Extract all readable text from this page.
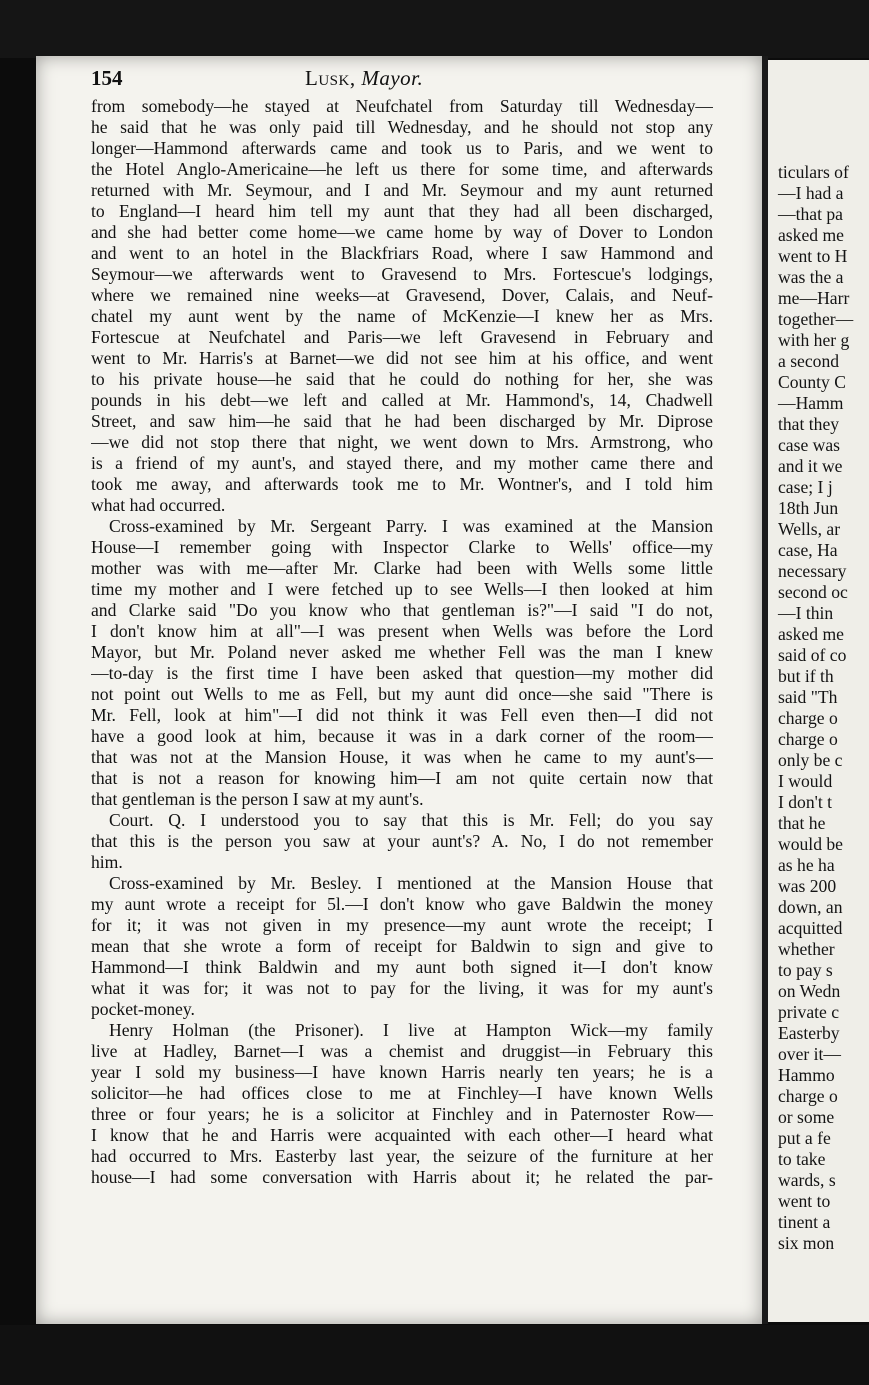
ticulars of
—I had a
—that pa
asked me
went to H
was the a
me—Harr
together—
with her g
a second
County C
—Hamm
that they
case was
and it we
case; I j
18th Jun
Wells, ar
case, Ha
necessary
second oc
—I thin
asked me
said of co
but if th
said "Th
charge o
charge o
only be c
I would
I don't t
that he
would be
as he ha
was 200
down, an
acquitted
whether
to pay s
on Wedn
private c
Easterby
over it—
Hammo
charge o
or some
put a fe
to take
wards, s
went to
tinent a
six mon
154	Lusk, Mayor.
from somebody—he stayed at Neufchatel from Saturday till Wednesday—
he said that he was only paid till Wednesday, and he should not stop any
longer—Hammond afterwards came and took us to Paris, and we went to
the Hotel Anglo-Americaine—he left us there for some time, and afterwards
returned with Mr. Seymour, and I and Mr. Seymour and my aunt returned
to England—I heard him tell my aunt that they had all been discharged,
and she had better come home—we came home by way of Dover to London
and went to an hotel in the Blackfriars Road, where I saw Hammond and
Seymour—we afterwards went to Gravesend to Mrs. Fortescue's lodgings,
where we remained nine weeks—at Gravesend, Dover, Calais, and Neuf-
chatel my aunt went by the name of McKenzie—I knew her as Mrs.
Fortescue at Neufchatel and Paris—we left Gravesend in February and
went to Mr. Harris's at Barnet—we did not see him at his office, and went
to his private house—he said that he could do nothing for her, she was
pounds in his debt—we left and called at Mr. Hammond's, 14, Chadwell
Street, and saw him—he said that he had been discharged by Mr. Diprose
—we did not stop there that night, we went down to Mrs. Armstrong, who
is a friend of my aunt's, and stayed there, and my mother came there and
took me away, and afterwards took me to Mr. Wontner's, and I told him
what had occurred.
Cross-examined by Mr. Sergeant Parry. I was examined at the Mansion
House—I remember going with Inspector Clarke to Wells' office—my
mother was with me—after Mr. Clarke had been with Wells some little
time my mother and I were fetched up to see Wells—I then looked at him
and Clarke said "Do you know who that gentleman is?"—I said "I do not,
I don't know him at all"—I was present when Wells was before the Lord
Mayor, but Mr. Poland never asked me whether Fell was the man I knew
—to-day is the first time I have been asked that question—my mother did
not point out Wells to me as Fell, but my aunt did once—she said "There is
Mr. Fell, look at him"—I did not think it was Fell even then—I did not
have a good look at him, because it was in a dark corner of the room—
that was not at the Mansion House, it was when he came to my aunt's—
that is not a reason for knowing him—I am not quite certain now that
that gentleman is the person I saw at my aunt's.
Court. Q. I understood you to say that this is Mr. Fell; do you say
that this is the person you saw at your aunt's? A. No, I do not remember
him.
Cross-examined by Mr. Besley. I mentioned at the Mansion House that
my aunt wrote a receipt for 5l.—I don't know who gave Baldwin the money
for it; it was not given in my presence—my aunt wrote the receipt; I
mean that she wrote a form of receipt for Baldwin to sign and give to
Hammond—I think Baldwin and my aunt both signed it—I don't know
what it was for; it was not to pay for the living, it was for my aunt's
pocket-money.
Henry Holman (the Prisoner). I live at Hampton Wick—my family
live at Hadley, Barnet—I was a chemist and druggist—in February this
year I sold my business—I have known Harris nearly ten years; he is a
solicitor—he had offices close to me at Finchley—I have known Wells
three or four years; he is a solicitor at Finchley and in Paternoster Row—
I know that he and Harris were acquainted with each other—I heard what
had occurred to Mrs. Easterby last year, the seizure of the furniture at her
house—I had some conversation with Harris about it; he related the par-
